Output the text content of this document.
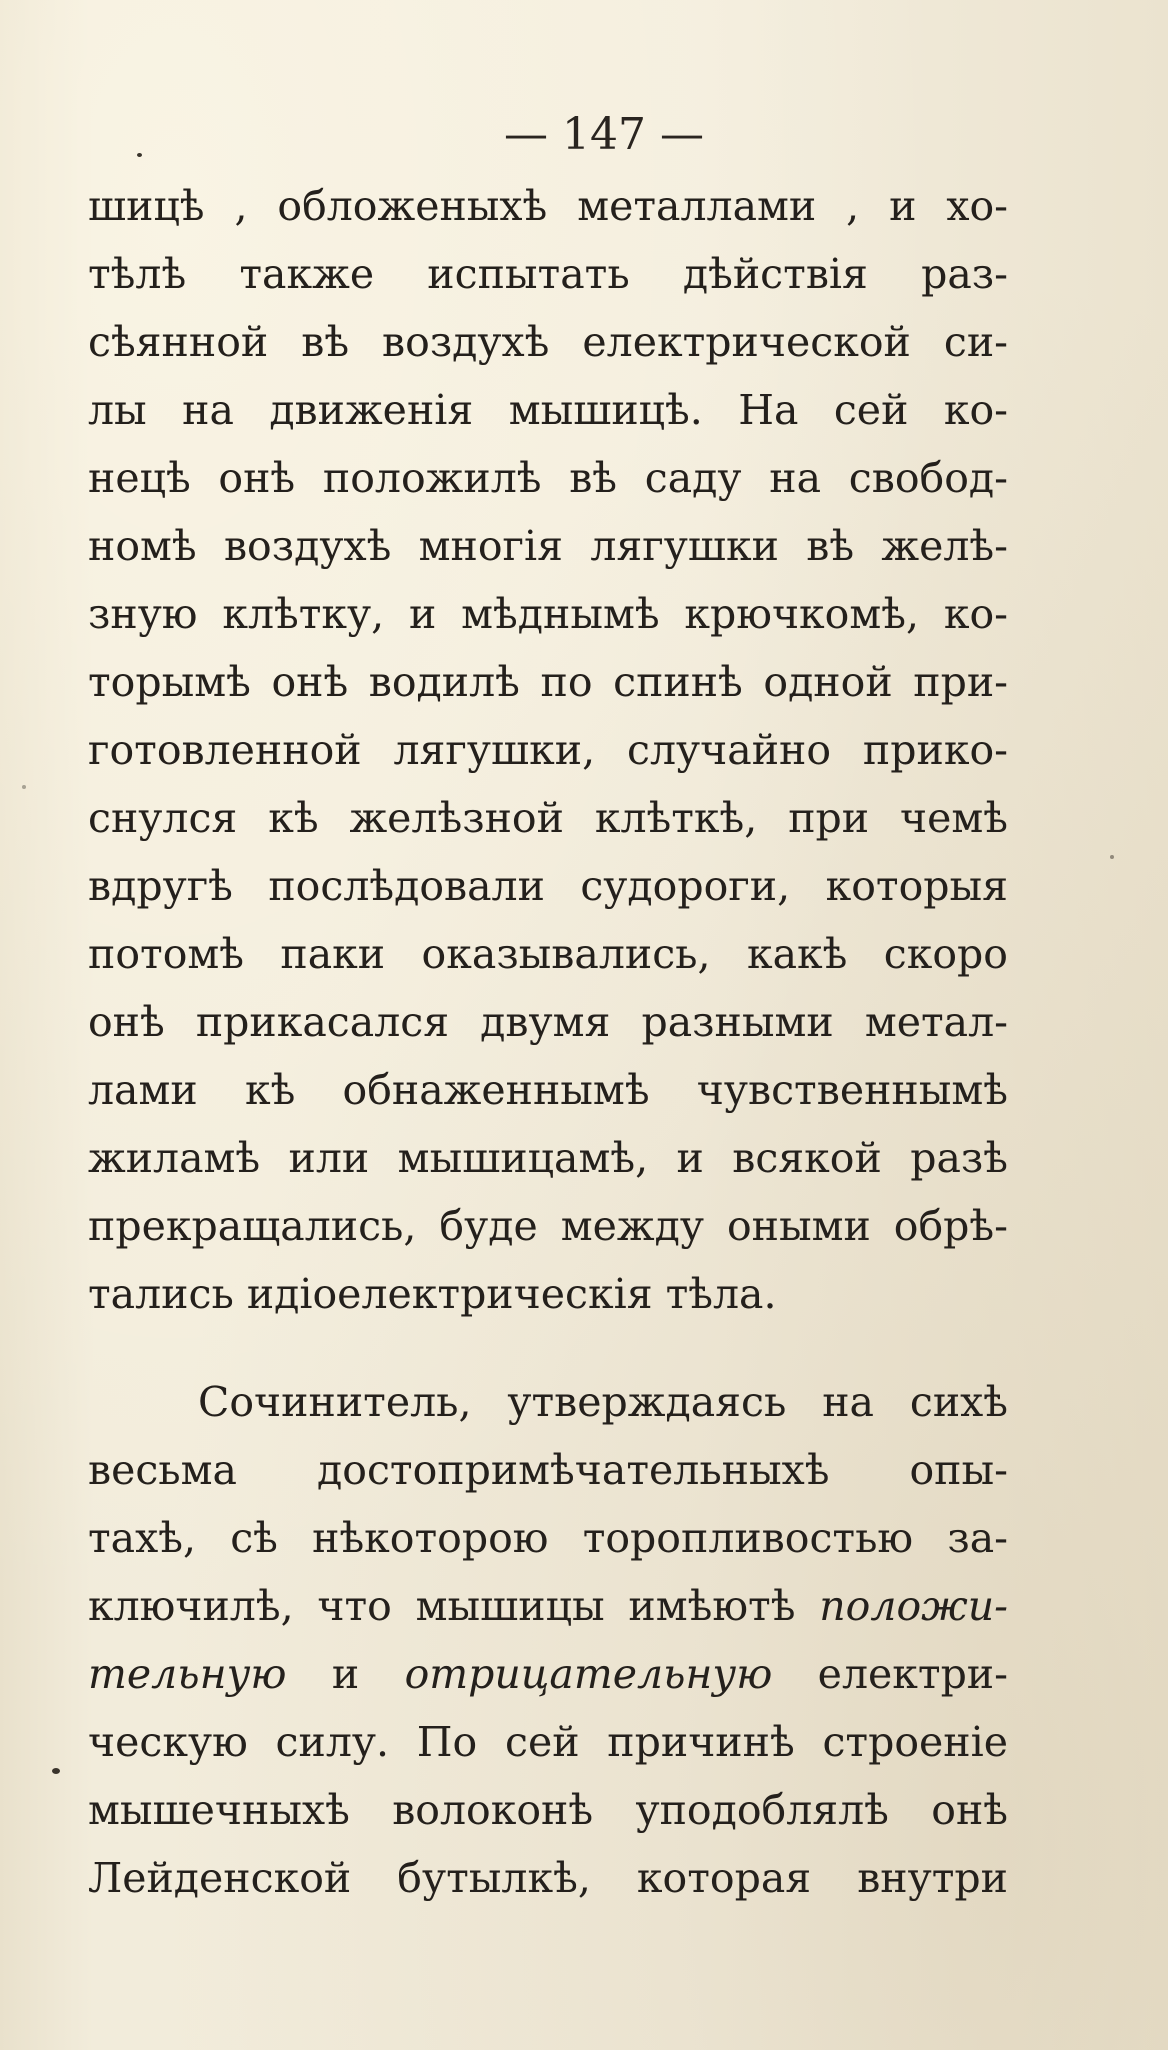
— 147 —
шицѣ , обложеныхѣ металлами , и хо-
тѣлѣ также испытать дѣйствія раз-
сѣянной вѣ воздухѣ електрической си-
лы на движенія мышицѣ. На сей ко-
нецѣ онѣ положилѣ вѣ саду на свобод-
номѣ воздухѣ многія лягушки вѣ желѣ-
зную клѣтку, и мѣднымѣ крючкомѣ, ко-
торымѣ онѣ водилѣ по спинѣ одной при-
готовленной лягушки, случайно прико-
снулся кѣ желѣзной клѣткѣ, при чемѣ
вдругѣ послѣдовали судороги, которыя
потомѣ паки оказывались, какѣ скоро
онѣ прикасался двумя разными метал-
лами кѣ обнаженнымѣ чувственнымѣ
жиламѣ или мышицамѣ, и всякой разѣ
прекращались, буде между оными обрѣ-
тались идіоелектрическія тѣла.
Сочинитель, утверждаясь на сихѣ
весьма достопримѣчательныхѣ опы-
тахѣ, сѣ нѣкоторою торопливостью за-
ключилѣ, что мышицы имѣютѣ положи-
тельную и отрицательную електри-
ческую силу. По сей причинѣ строеніе
мышечныхѣ волоконѣ уподоблялѣ онѣ
Лейденской бутылкѣ, которая внутри
